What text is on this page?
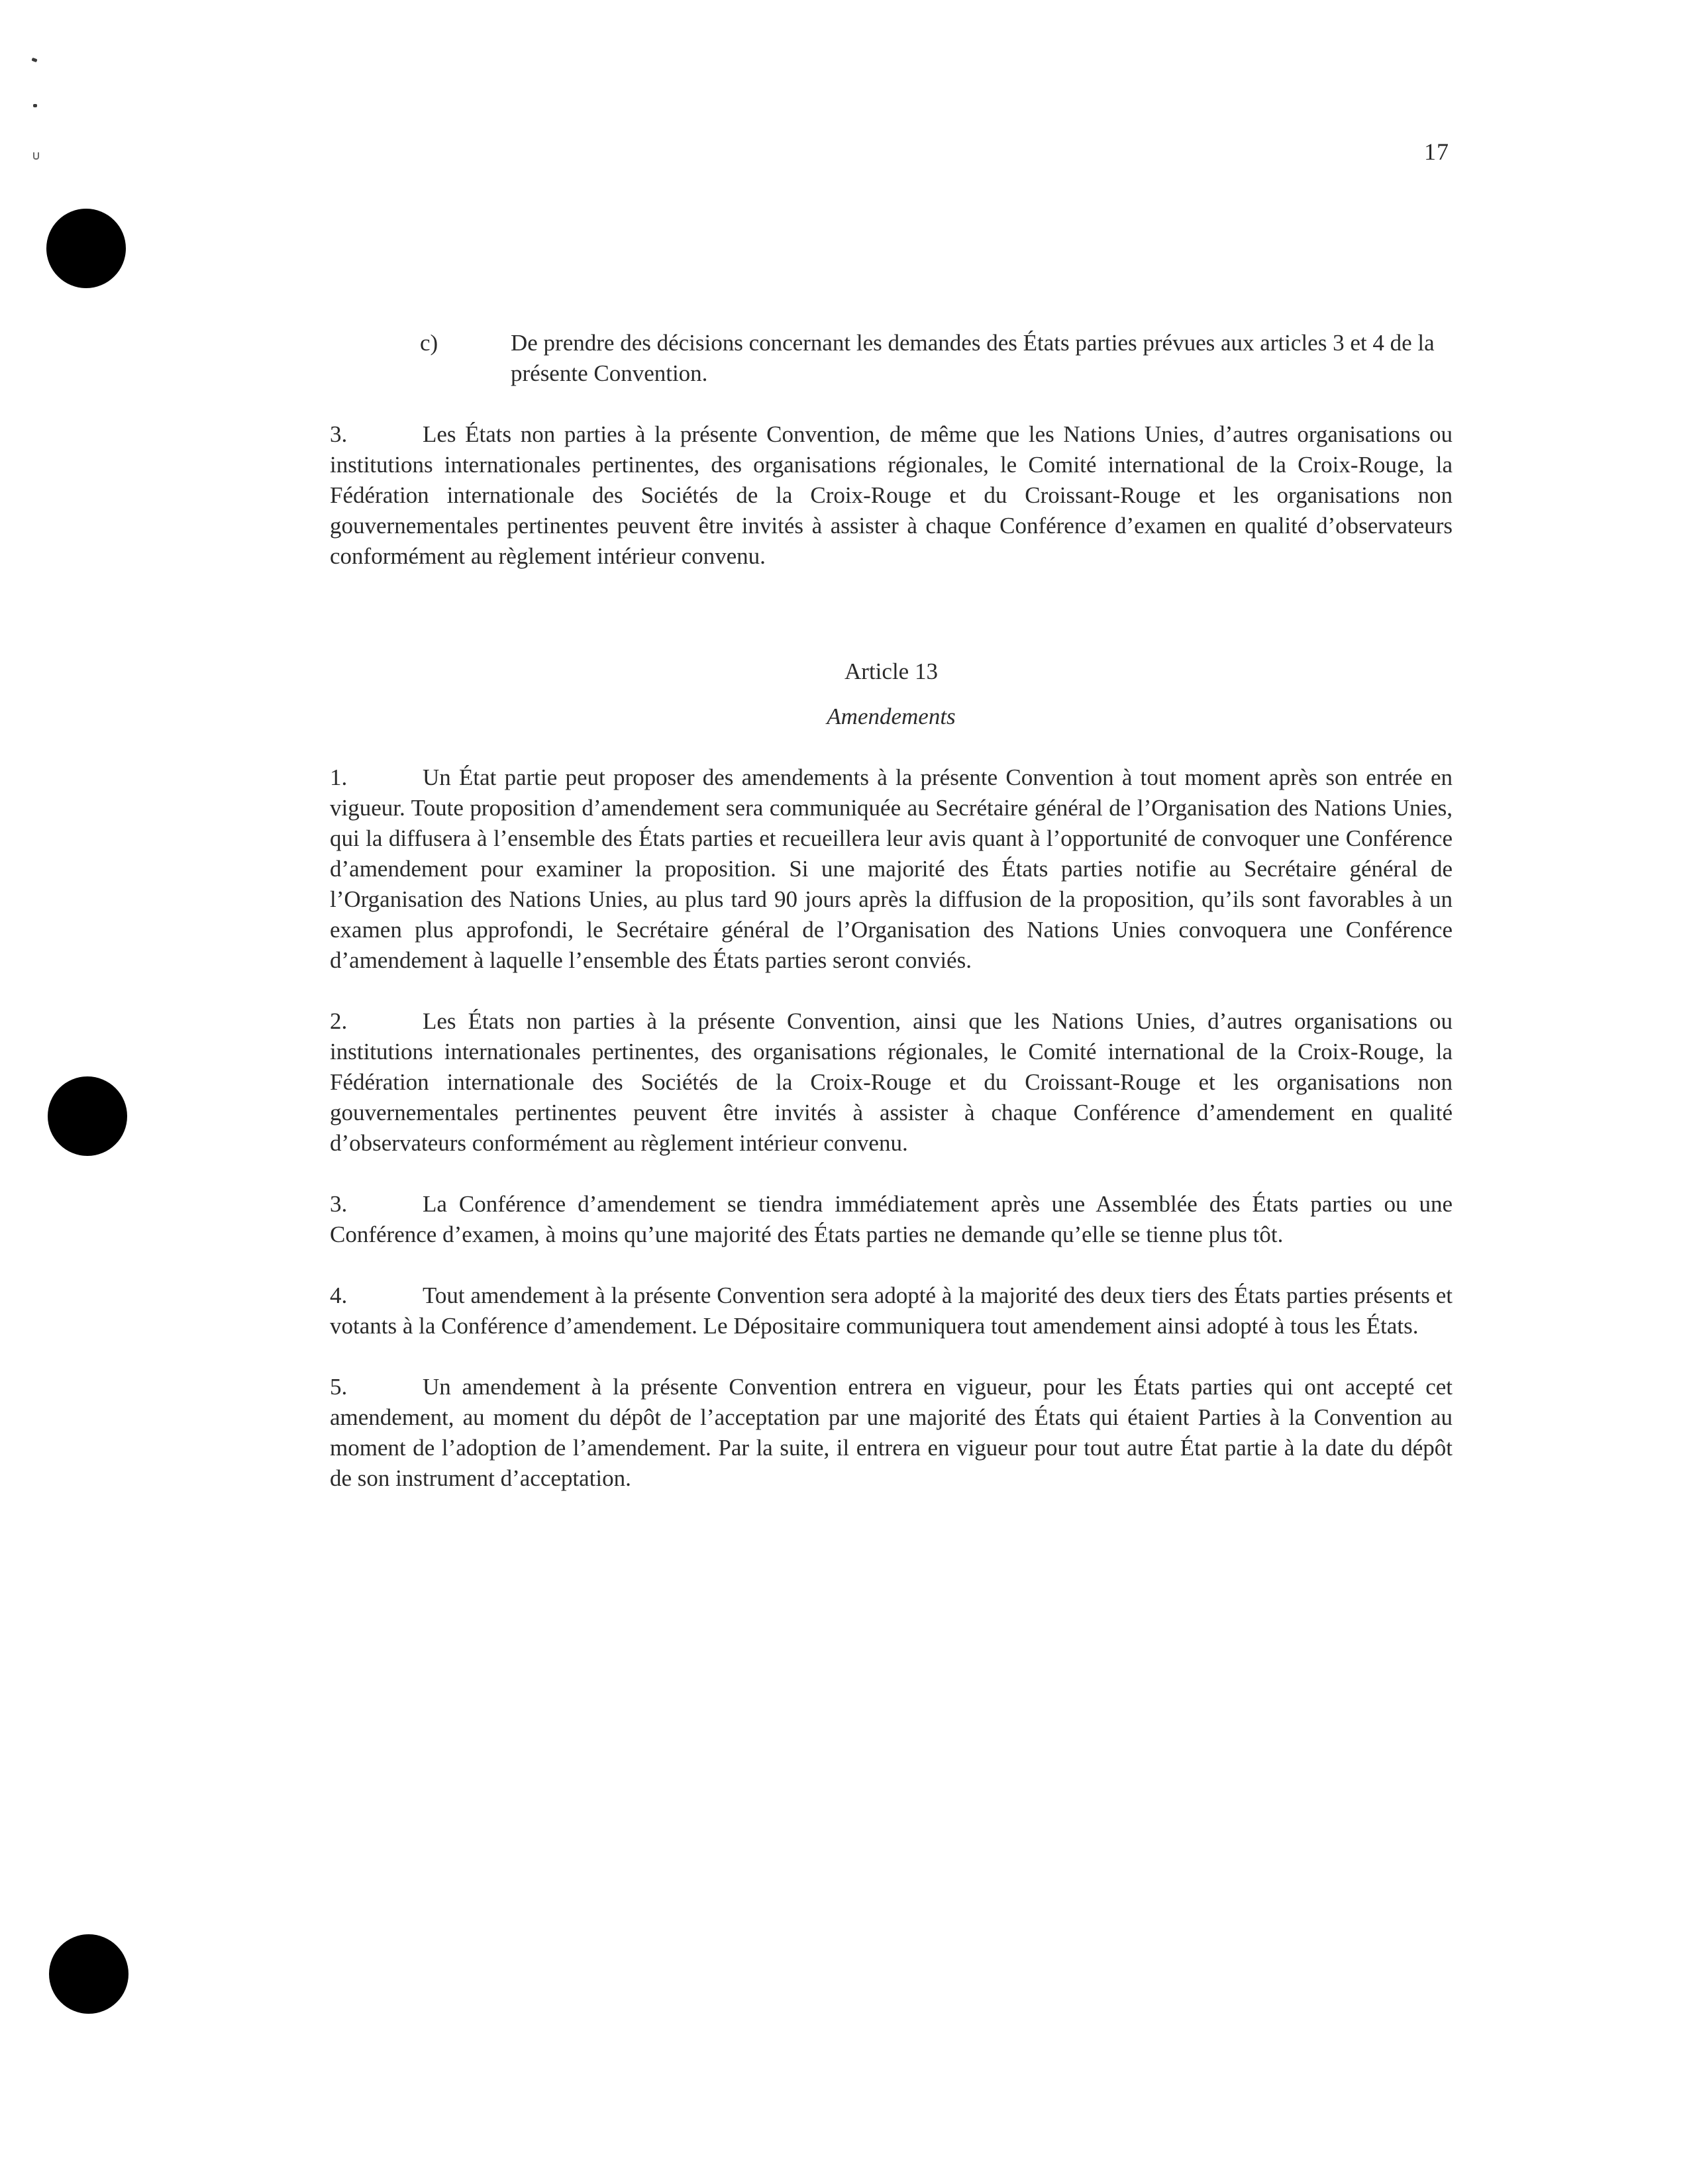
17
c)	De prendre des décisions concernant les demandes des États parties prévues aux articles 3 et 4 de la présente Convention.

3.	Les États non parties à la présente Convention, de même que les Nations Unies, d’autres organisations ou institutions internationales pertinentes, des organisations régionales, le Comité international de la Croix-Rouge, la Fédération internationale des Sociétés de la Croix-Rouge et du Croissant-Rouge et les organisations non gouvernementales pertinentes peuvent être invités à assister à chaque Conférence d’examen en qualité d’observateurs conformément au règlement intérieur convenu.

Article 13
Amendements

1.	Un État partie peut proposer des amendements à la présente Convention à tout moment après son entrée en vigueur. Toute proposition d’amendement sera communiquée au Secrétaire général de l’Organisation des Nations Unies, qui la diffusera à l’ensemble des États parties et recueillera leur avis quant à l’opportunité de convoquer une Conférence d’amendement pour examiner la proposition. Si une majorité des États parties notifie au Secrétaire général de l’Organisation des Nations Unies, au plus tard 90 jours après la diffusion de la proposition, qu’ils sont favorables à un examen plus approfondi, le Secrétaire général de l’Organisation des Nations Unies convoquera une Conférence d’amendement à laquelle l’ensemble des États parties seront conviés.

2.	Les États non parties à la présente Convention, ainsi que les Nations Unies, d’autres organisations ou institutions internationales pertinentes, des organisations régionales, le Comité international de la Croix-Rouge, la Fédération internationale des Sociétés de la Croix-Rouge et du Croissant-Rouge et les organisations non gouvernementales pertinentes peuvent être invités à assister à chaque Conférence d’amendement en qualité d’observateurs conformément au règlement intérieur convenu.

3.	La Conférence d’amendement se tiendra immédiatement après une Assemblée des États parties ou une Conférence d’examen, à moins qu’une majorité des États parties ne demande qu’elle se tienne plus tôt.

4.	Tout amendement à la présente Convention sera adopté à la majorité des deux tiers des États parties présents et votants à la Conférence d’amendement. Le Dépositaire communiquera tout amendement ainsi adopté à tous les États.

5.	Un amendement à la présente Convention entrera en vigueur, pour les États parties qui ont accepté cet amendement, au moment du dépôt de l’acceptation par une majorité des États qui étaient Parties à la Convention au moment de l’adoption de l’amendement. Par la suite, il entrera en vigueur pour tout autre État partie à la date du dépôt de son instrument d’acceptation.
